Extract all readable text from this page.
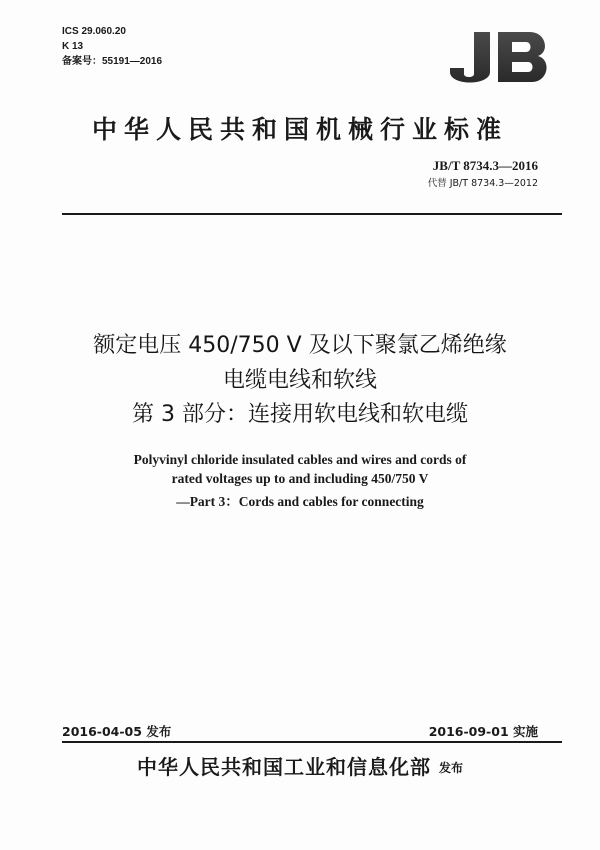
ICS 29.060.20
K 13
备案号：55191—2016
中华人民共和国机械行业标准
JB/T 8734.3—2016
代替 JB/T 8734.3—2012
额定电压 450/750 V 及以下聚氯乙烯绝缘
电缆电线和软线
第 3 部分：连接用软电线和软电缆
Polyvinyl chloride insulated cables and wires and cords of
rated voltages up to and including 450/750 V
—Part 3：Cords and cables for connecting
2016-04-05 发布	2016-09-01 实施
中华人民共和国工业和信息化部 发布
